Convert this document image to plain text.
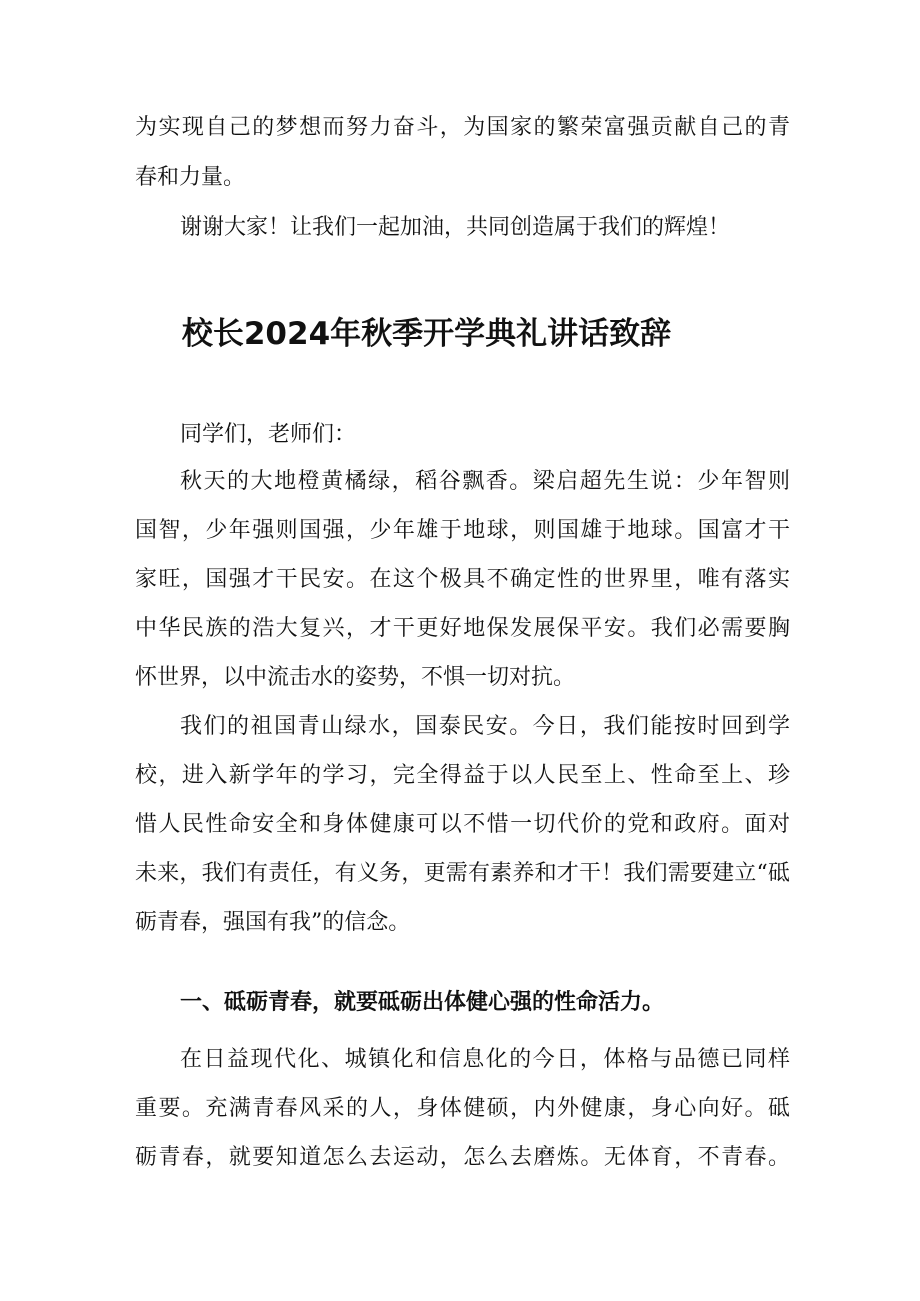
为实现自己的梦想而努力奋斗，为国家的繁荣富强贡献自己的青

春和力量。

谢谢大家！让我们一起加油，共同创造属于我们的辉煌！

校长2024年秋季开学典礼讲话致辞

同学们，老师们：

秋天的大地橙黄橘绿，稻谷飘香。梁启超先生说：少年智则

国智，少年强则国强，少年雄于地球，则国雄于地球。国富才干

家旺，国强才干民安。在这个极具不确定性的世界里，唯有落实

中华民族的浩大复兴，才干更好地保发展保平安。我们必需要胸

怀世界，以中流击水的姿势，不惧一切对抗。

我们的祖国青山绿水，国泰民安。今日，我们能按时回到学

校，进入新学年的学习，完全得益于以人民至上、性命至上、珍

惜人民性命安全和身体健康可以不惜一切代价的党和政府。面对

未来，我们有责任，有义务，更需有素养和才干！我们需要建立“砥

砺青春，强国有我”的信念。

一、砥砺青春，就要砥砺出体健心强的性命活力。

在日益现代化、城镇化和信息化的今日，体格与品德已同样

重要。充满青春风采的人，身体健硕，内外健康，身心向好。砥

砺青春，就要知道怎么去运动，怎么去磨炼。无体育，不青春。
